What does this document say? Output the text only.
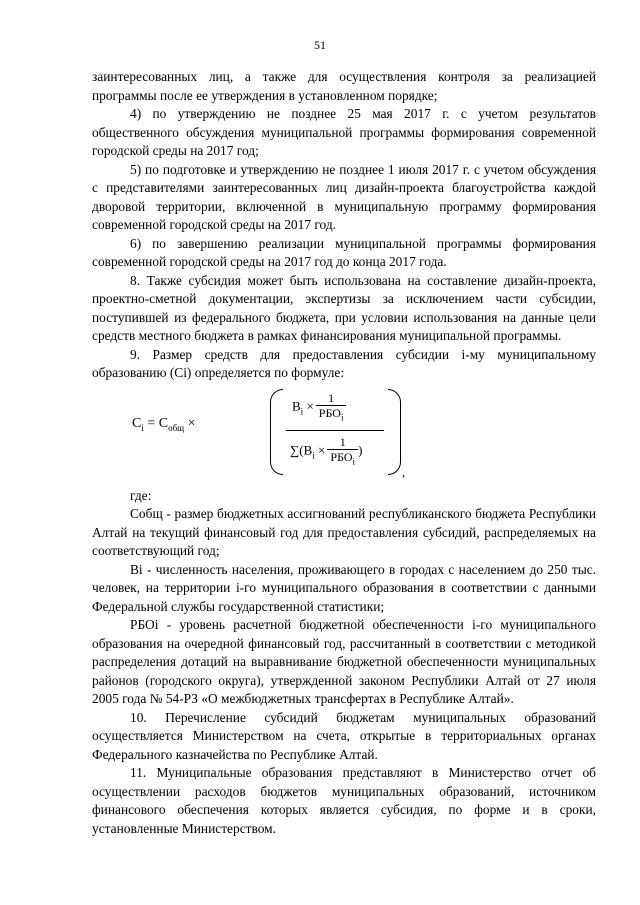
51

заинтересованных лиц, а также для осуществления контроля за реализацией программы после ее утверждения в установленном порядке;

4) по утверждению не позднее 25 мая 2017 г. с учетом результатов общественного обсуждения муниципальной программы формирования современной городской среды на 2017 год;

5) по подготовке и утверждению не позднее 1 июля 2017 г. с учетом обсуждения с представителями заинтересованных лиц дизайн-проекта благоустройства каждой дворовой территории, включенной в муниципальную программу формирования современной городской среды на 2017 год.

6) по завершению реализации муниципальной программы формирования современной городской среды на 2017 год до конца 2017 года.

8. Также субсидия может быть использована на составление дизайн-проекта, проектно-сметной документации, экспертизы за исключением части субсидии, поступившей из федерального бюджета, при условии использования на данные цели средств местного бюджета в рамках финансирования муниципальной программы.

9. Размер средств для предоставления субсидии i-му муниципальному образованию (Ci) определяется по формуле:

$C_i = C_{общ}$ ×
$B_i \times \frac{1}{РБО_i}$
$\sum(B_i \times \frac{1}{РБО_i}$ )
,

где:

Cобщ - размер бюджетных ассигнований республиканского бюджета Республики Алтай на текущий финансовый год для предоставления субсидий, распределяемых на соответствующий год;

Bi - численность населения, проживающего в городах с населением до 250 тыс. человек, на территории i-го муниципального образования в соответствии с данными Федеральной службы государственной статистики;

РБОi - уровень расчетной бюджетной обеспеченности i-го муниципального образования на очередной финансовый год, рассчитанный в соответствии с методикой распределения дотаций на выравнивание бюджетной обеспеченности муниципальных районов (городского округа), утвержденной законом Республики Алтай от 27 июля 2005 года № 54-РЗ «О межбюджетных трансфертах в Республике Алтай».

10. Перечисление субсидий бюджетам муниципальных образований осуществляется Министерством на счета, открытые в территориальных органах Федерального казначейства по Республике Алтай.

11. Муниципальные образования представляют в Министерство отчет об осуществлении расходов бюджетов муниципальных образований, источником финансового обеспечения которых является субсидия, по форме и в сроки, установленные Министерством.
